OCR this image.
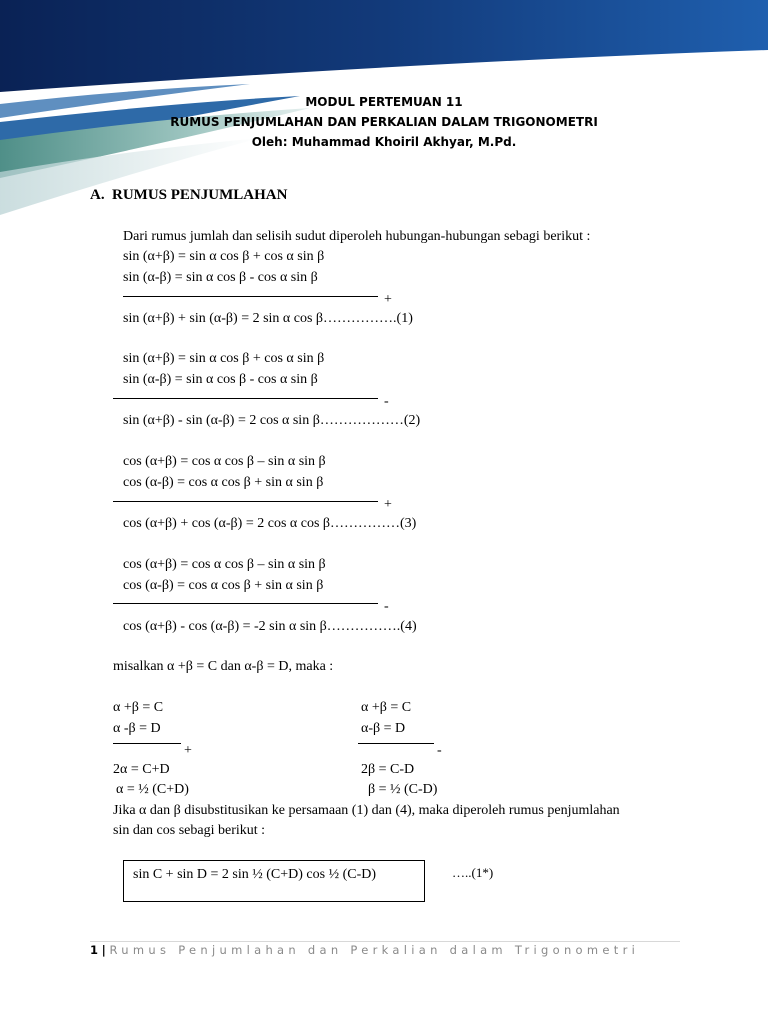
MODUL PERTEMUAN 11
RUMUS PENJUMLAHAN DAN PERKALIAN DALAM TRIGONOMETRI
Oleh: Muhammad Khoiril Akhyar, M.Pd.
A. RUMUS PENJUMLAHAN
Dari rumus jumlah dan selisih sudut diperoleh hubungan-hubungan sebagi berikut :
sin (α+β) = sin α cos β + cos α sin β
sin (α-β) = sin α cos β - cos α sin β
+
sin (α+β) + sin (α-β) = 2 sin α cos β…………….(1)
sin (α+β) = sin α cos β + cos α sin β
sin (α-β) = sin α cos β - cos α sin β
-
sin (α+β) - sin (α-β) = 2 cos α sin β………………(2)
cos (α+β) = cos α cos β – sin α sin β
cos (α-β) = cos α cos β + sin α sin β
+
cos (α+β) + cos (α-β) = 2 cos α cos β……………(3)
cos (α+β) = cos α cos β – sin α sin β
cos (α-β) = cos α cos β + sin α sin β
-
cos (α+β) - cos (α-β) = -2 sin α sin β…………….(4)
misalkan α +β = C dan α-β = D, maka :
α +β = C
α -β = D
+
2α = C+D
α = ½ (C+D)
α +β = C
α-β = D
-
2β = C-D
β = ½ (C-D)
Jika α dan β disubstitusikan ke persamaan (1) dan (4), maka diperoleh rumus penjumlahan
sin dan cos sebagi berikut :
sin C + sin D = 2 sin ½ (C+D) cos ½ (C-D)	…..(1*)
1 | Rumus Penjumlahan dan Perkalian dalam Trigonometri
